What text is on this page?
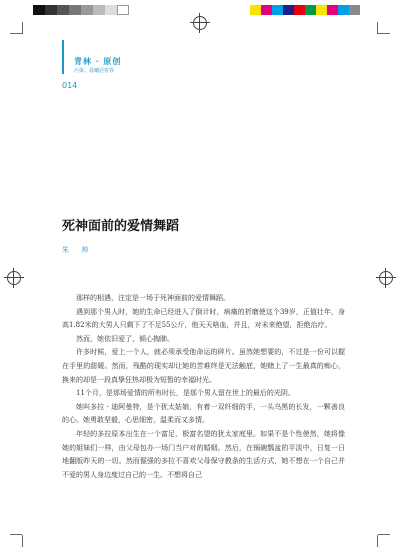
青林 · 原创
污染、晨曦冠着春
014
死神面前的爱情舞蹈
朱 帅

那样的相遇，注定是一场于死神面前的爱情舞蹈。

遇到那个男人时，她的生命已经进入了倒计时，病痛的折磨使这个39岁，正值壮年，身高1.82米的大男人只剩下了不足55公斤，他天天咯血，并且，对未来绝望，拒绝治疗。

然而，她依旧爱了，倾心掏肺。

许多时候，爱上一个人，就必须承受他命运的碎片。虽然她想要的，不过是一份可以握在手里的甜暖。然而，残酷的现实却让她的苦难终是无法触底，她赌上了一生最真的痴心，换来的却是一段真挚狂热却极为短暂的幸福时光。

11个月，是那场爱情的所有时长，是那个男人留在世上的最后的光阴。

她叫多拉 · 迪阿曼特，是个犹太姑娘，有着一双纤细的手，一头乌黑的长发，一颗善良的心。她勇敢坚毅，心思细密，温柔而又多情。

年轻的多拉原本出生在一个富足、极富名望的犹太家庭里。如果不是个性使然，她将像她的姐妹们一样，由父母包办一场门当户对的婚姻。然后，在锅碗瓢盆的平淡中，日复一日地翻版昨天的一切。然而倔强的多拉不喜欢父母保守教条的生活方式，她不想在一个自己并不爱的男人身边度过自己的一生。不想将自己
